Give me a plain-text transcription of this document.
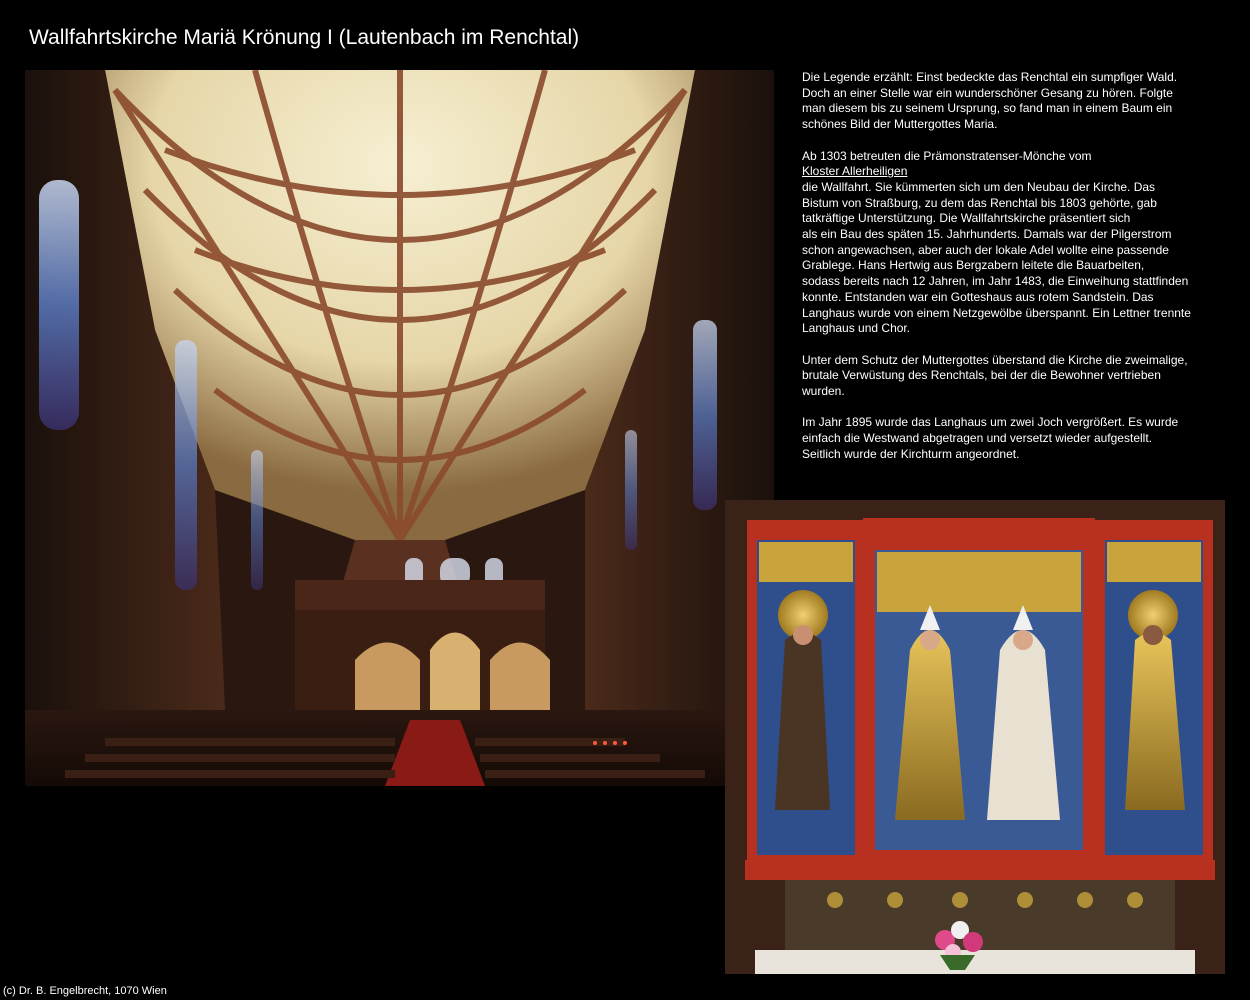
Wallfahrtskirche Mariä Krönung I (Lautenbach im Renchtal)

Die Legende erzählt: Einst bedeckte das Renchtal ein sumpfiger Wald.
Doch an einer Stelle war ein wunderschöner Gesang zu hören. Folgte
man diesem bis zu seinem Ursprung, so fand man in einem Baum ein
schönes Bild der Muttergottes Maria.

Ab 1303 betreuten die Prämonstratenser-Mönche vom

Kloster Allerheiligen

die Wallfahrt. Sie kümmerten sich um den Neubau der Kirche. Das
Bistum von Straßburg, zu dem das Renchtal bis 1803 gehörte, gab
tatkräftige Unterstützung. Die Wallfahrtskirche präsentiert sich
als ein Bau des späten 15. Jahrhunderts. Damals war der Pilgerstrom
schon angewachsen, aber auch der lokale Adel wollte eine passende
Grablege. Hans Hertwig aus Bergzabern leitete die Bauarbeiten,
sodass bereits nach 12 Jahren, im Jahr 1483, die Einweihung stattfinden
konnte. Entstanden war ein Gotteshaus aus rotem Sandstein. Das
Langhaus wurde von einem Netzgewölbe überspannt. Ein Lettner trennte
Langhaus und Chor.

Unter dem Schutz der Muttergottes überstand die Kirche die zweimalige,
brutale Verwüstung des Renchtals, bei der die Bewohner vertrieben
wurden.

Im Jahr 1895 wurde das Langhaus um zwei Joch vergrößert. Es wurde
einfach die Westwand abgetragen und versetzt wieder aufgestellt.
Seitlich wurde der Kirchturm angeordnet.

(c) Dr. B. Engelbrecht, 1070 Wien
